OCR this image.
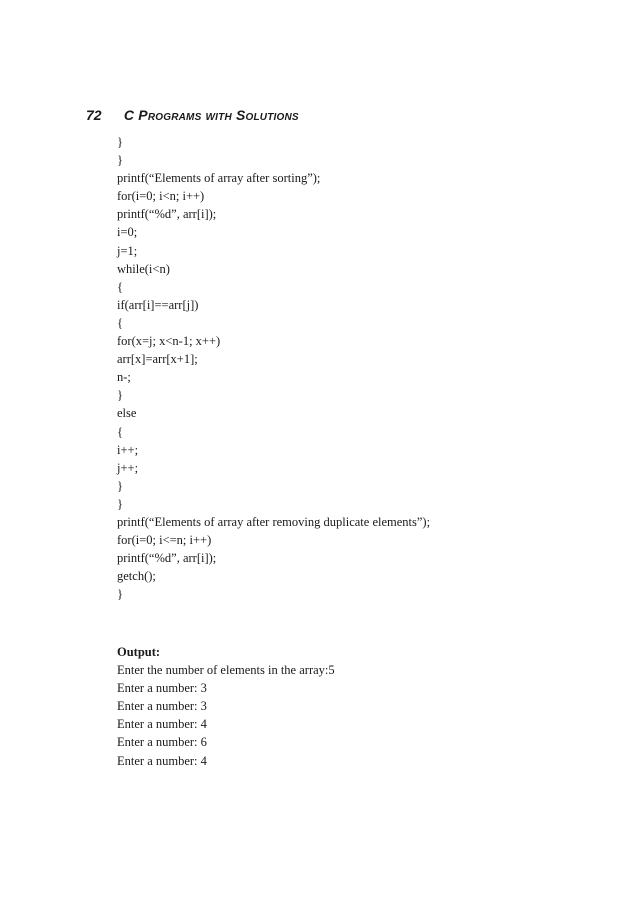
72 C Programs with Solutions
}
}
printf(“Elements of array after sorting”);
for(i=0; i<n; i++)
printf(“%d”, arr[i]);
i=0;
j=1;
while(i<n)
{
if(arr[i]==arr[j])
{
for(x=j; x<n-1; x++)
arr[x]=arr[x+1];
n-;
}
else
{
i++;
j++;
}
}
printf(“Elements of array after removing duplicate elements”);
for(i=0; i<=n; i++)
printf(“%d”, arr[i]);
getch();
}
Output:
Enter the number of elements in the array:5
Enter a number: 3
Enter a number: 3
Enter a number: 4
Enter a number: 6
Enter a number: 4
